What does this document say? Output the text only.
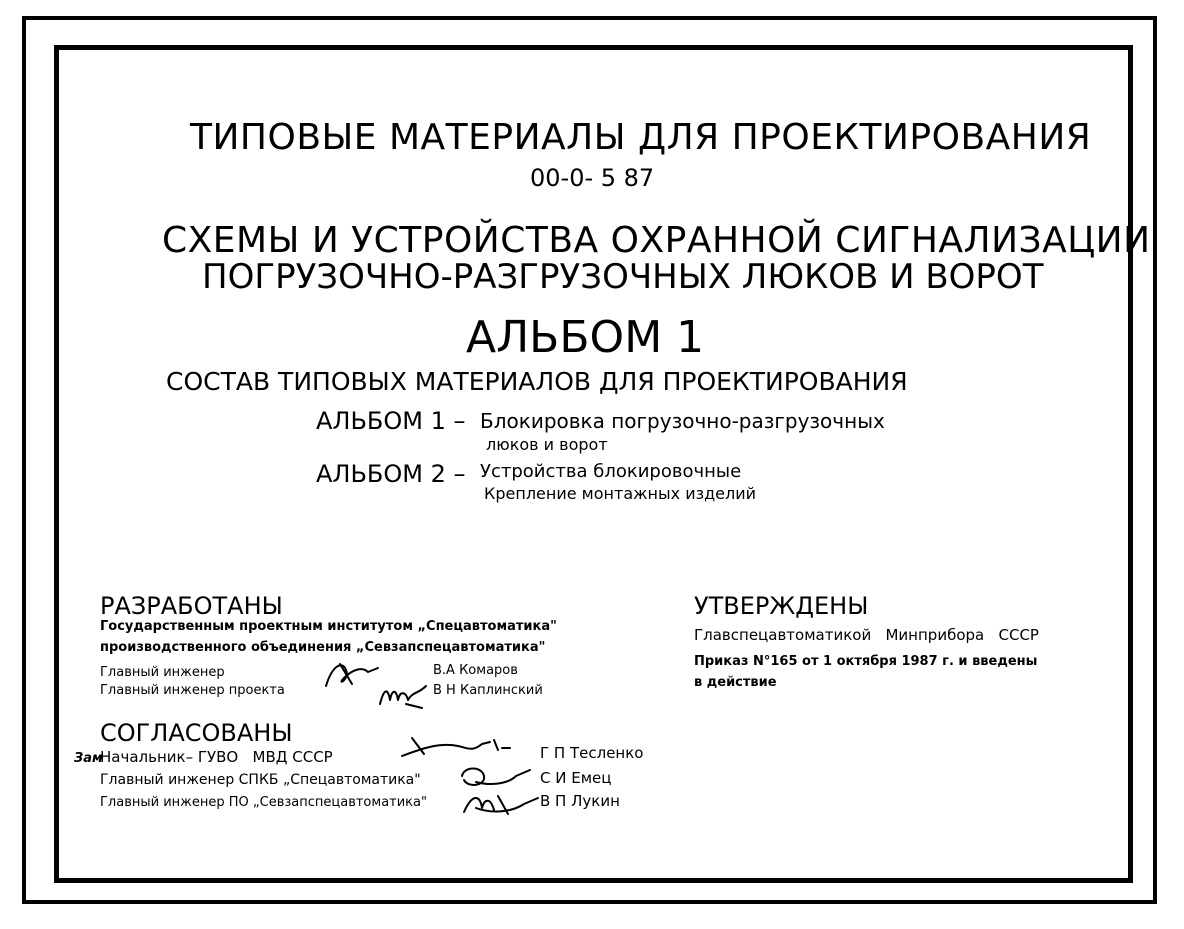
ТИПОВЫЕ МАТЕРИАЛЫ ДЛЯ ПРОЕКТИРОВАНИЯ
00-0- 5 87
СХЕМЫ И УСТРОЙСТВА ОХРАННОЙ СИГНАЛИЗАЦИИ
ПОГРУЗОЧНО-РАЗГРУЗОЧНЫХ ЛЮКОВ И ВОРОТ
АЛЬБОМ 1
СОСТАВ ТИПОВЫХ МАТЕРИАЛОВ ДЛЯ ПРОЕКТИРОВАНИЯ
АЛЬБОМ 1 – Блокировка погрузочно-разгрузочных
люков и ворот
АЛЬБОМ 2 – Устройства блокировочные
Крепление монтажных изделий
РАЗРАБОТАНЫ
Государственным проектным институтом „Спецавтоматика"
производственного объединения „Севзапспецавтоматика"
Главный инженер	В.А Комаров
Главный инженер проекта	В Н Каплинский
УТВЕРЖДЕНЫ
Главспецавтоматикой   Минприбора   СССР
Приказ N°165 от 1 октября 1987 г. и введены
в действие
СОГЛАСОВАНЫ
Зам
Начальник– ГУВО   МВД СССР	Г П Тесленко
Главный инженер СПКБ „Спецавтоматика"	С И Емец
Главный инженер ПО „Севзапспецавтоматика"	В П Лукин
